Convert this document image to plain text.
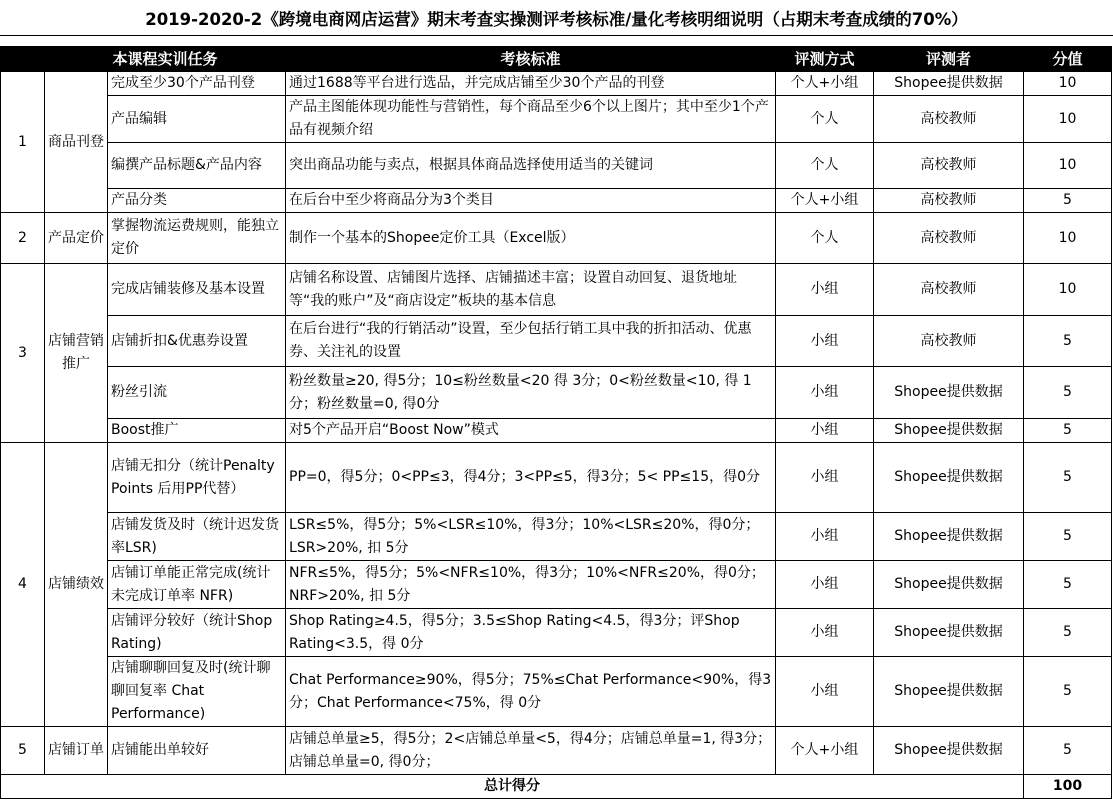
2019-2020-2《跨境电商网店运营》期末考查实操测评考核标准/量化考核明细说明（占期末考查成绩的70%）
	本课程实训任务		考核标准	评测方式	评测者	分值
1	商品刊登	完成至少30个产品刊登	通过1688等平台进行选品，并完成店铺至少30个产品的刊登	个人+小组	Shopee提供数据	10
		产品编辑	产品主图能体现功能性与营销性，每个商品至少6个以上图片；其中至少1个产品有视频介绍	个人	高校教师	10
		编撰产品标题&产品内容	突出商品功能与卖点，根据具体商品选择使用适当的关键词	个人	高校教师	10
		产品分类	在后台中至少将商品分为3个类目	个人+小组	高校教师	5
2	产品定价	掌握物流运费规则，能独立定价	制作一个基本的Shopee定价工具（Excel版）	个人	高校教师	10
3	店铺营销推广	完成店铺装修及基本设置	店铺名称设置、店铺图片选择、店铺描述丰富；设置自动回复、退货地址等“我的账户”及“商店设定”板块的基本信息	小组	高校教师	10
		店铺折扣&优惠券设置	在后台进行“我的行销活动”设置，至少包括行销工具中我的折扣活动、优惠券、关注礼的设置	小组	高校教师	5
		粉丝引流	粉丝数量≥20, 得5分；10≤粉丝数量<20 得 3分；0<粉丝数量<10, 得 1分；粉丝数量=0, 得0分	小组	Shopee提供数据	5
		Boost推广	对5个产品开启“Boost Now”模式	小组	Shopee提供数据	5
4	店铺绩效	店铺无扣分（统计Penalty Points 后用PP代替）	PP=0，得5分；0<PP≤3，得4分；3<PP≤5，得3分；5< PP≤15，得0分	小组	Shopee提供数据	5
		店铺发货及时（统计迟发货率LSR)	LSR≤5%，得5分；5%<LSR≤10%，得3分；10%<LSR≤20%，得0分；LSR>20%, 扣 5分	小组	Shopee提供数据	5
		店铺订单能正常完成(统计未完成订单率 NFR)	NFR≤5%，得5分；5%<NFR≤10%，得3分；10%<NFR≤20%，得0分；NRF>20%, 扣 5分	小组	Shopee提供数据	5
		店铺评分较好（统计Shop Rating)	Shop Rating≥4.5，得5分；3.5≤Shop Rating<4.5，得3分；评Shop Rating<3.5，得 0分	小组	Shopee提供数据	5
		店铺聊聊回复及时(统计聊聊回复率 Chat Performance)	Chat Performance≥90%，得5分；75%≤Chat Performance<90%，得3分；Chat Performance<75%，得 0分	小组	Shopee提供数据	5
5	店铺订单	店铺能出单较好	店铺总单量≥5，得5分；2<店铺总单量<5，得4分；店铺总单量=1, 得3分；店铺总单量=0, 得0分；	个人+小组	Shopee提供数据	5
总计得分						100
